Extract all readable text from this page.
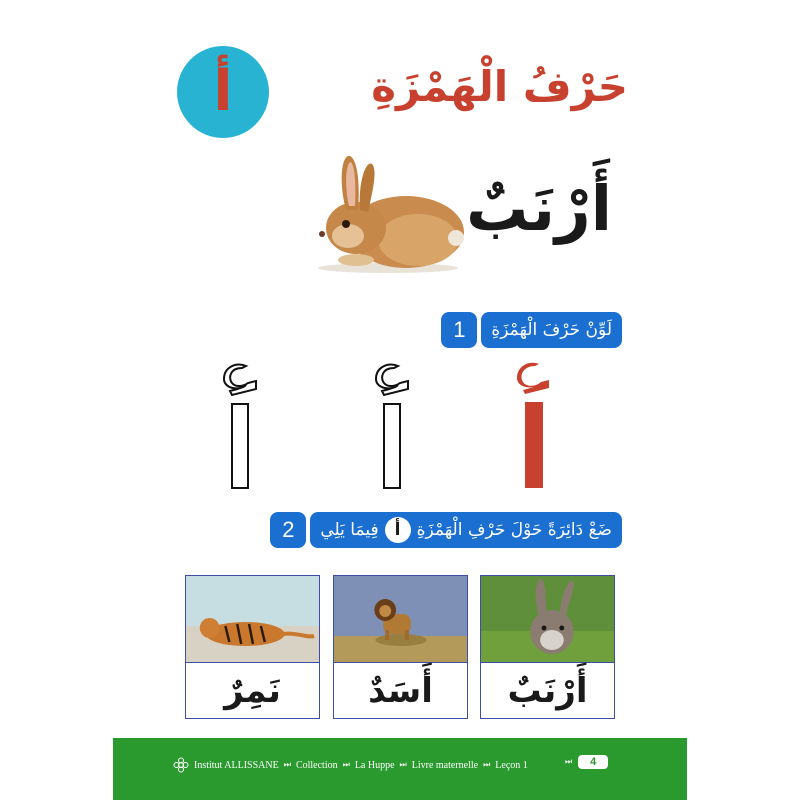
أ	حَرْفُ الْهَمْزَةِ
أَرْنَبٌ
1	لَوِّنْ حَرْفَ الْهَمْزَةِ
2	ضَعْ دَائِرَةً حَوْلَ حَرْفِ الْهَمْزَةِ
أ
فِيمَا يَلِي
أَرْنَبٌ
أَسَدٌ
نَمِرٌ
Institut ALLISSANE ⏭ Collection ⏭ La Huppe ⏭ Livre maternelle ⏭ Leçon 1	⏭	4
